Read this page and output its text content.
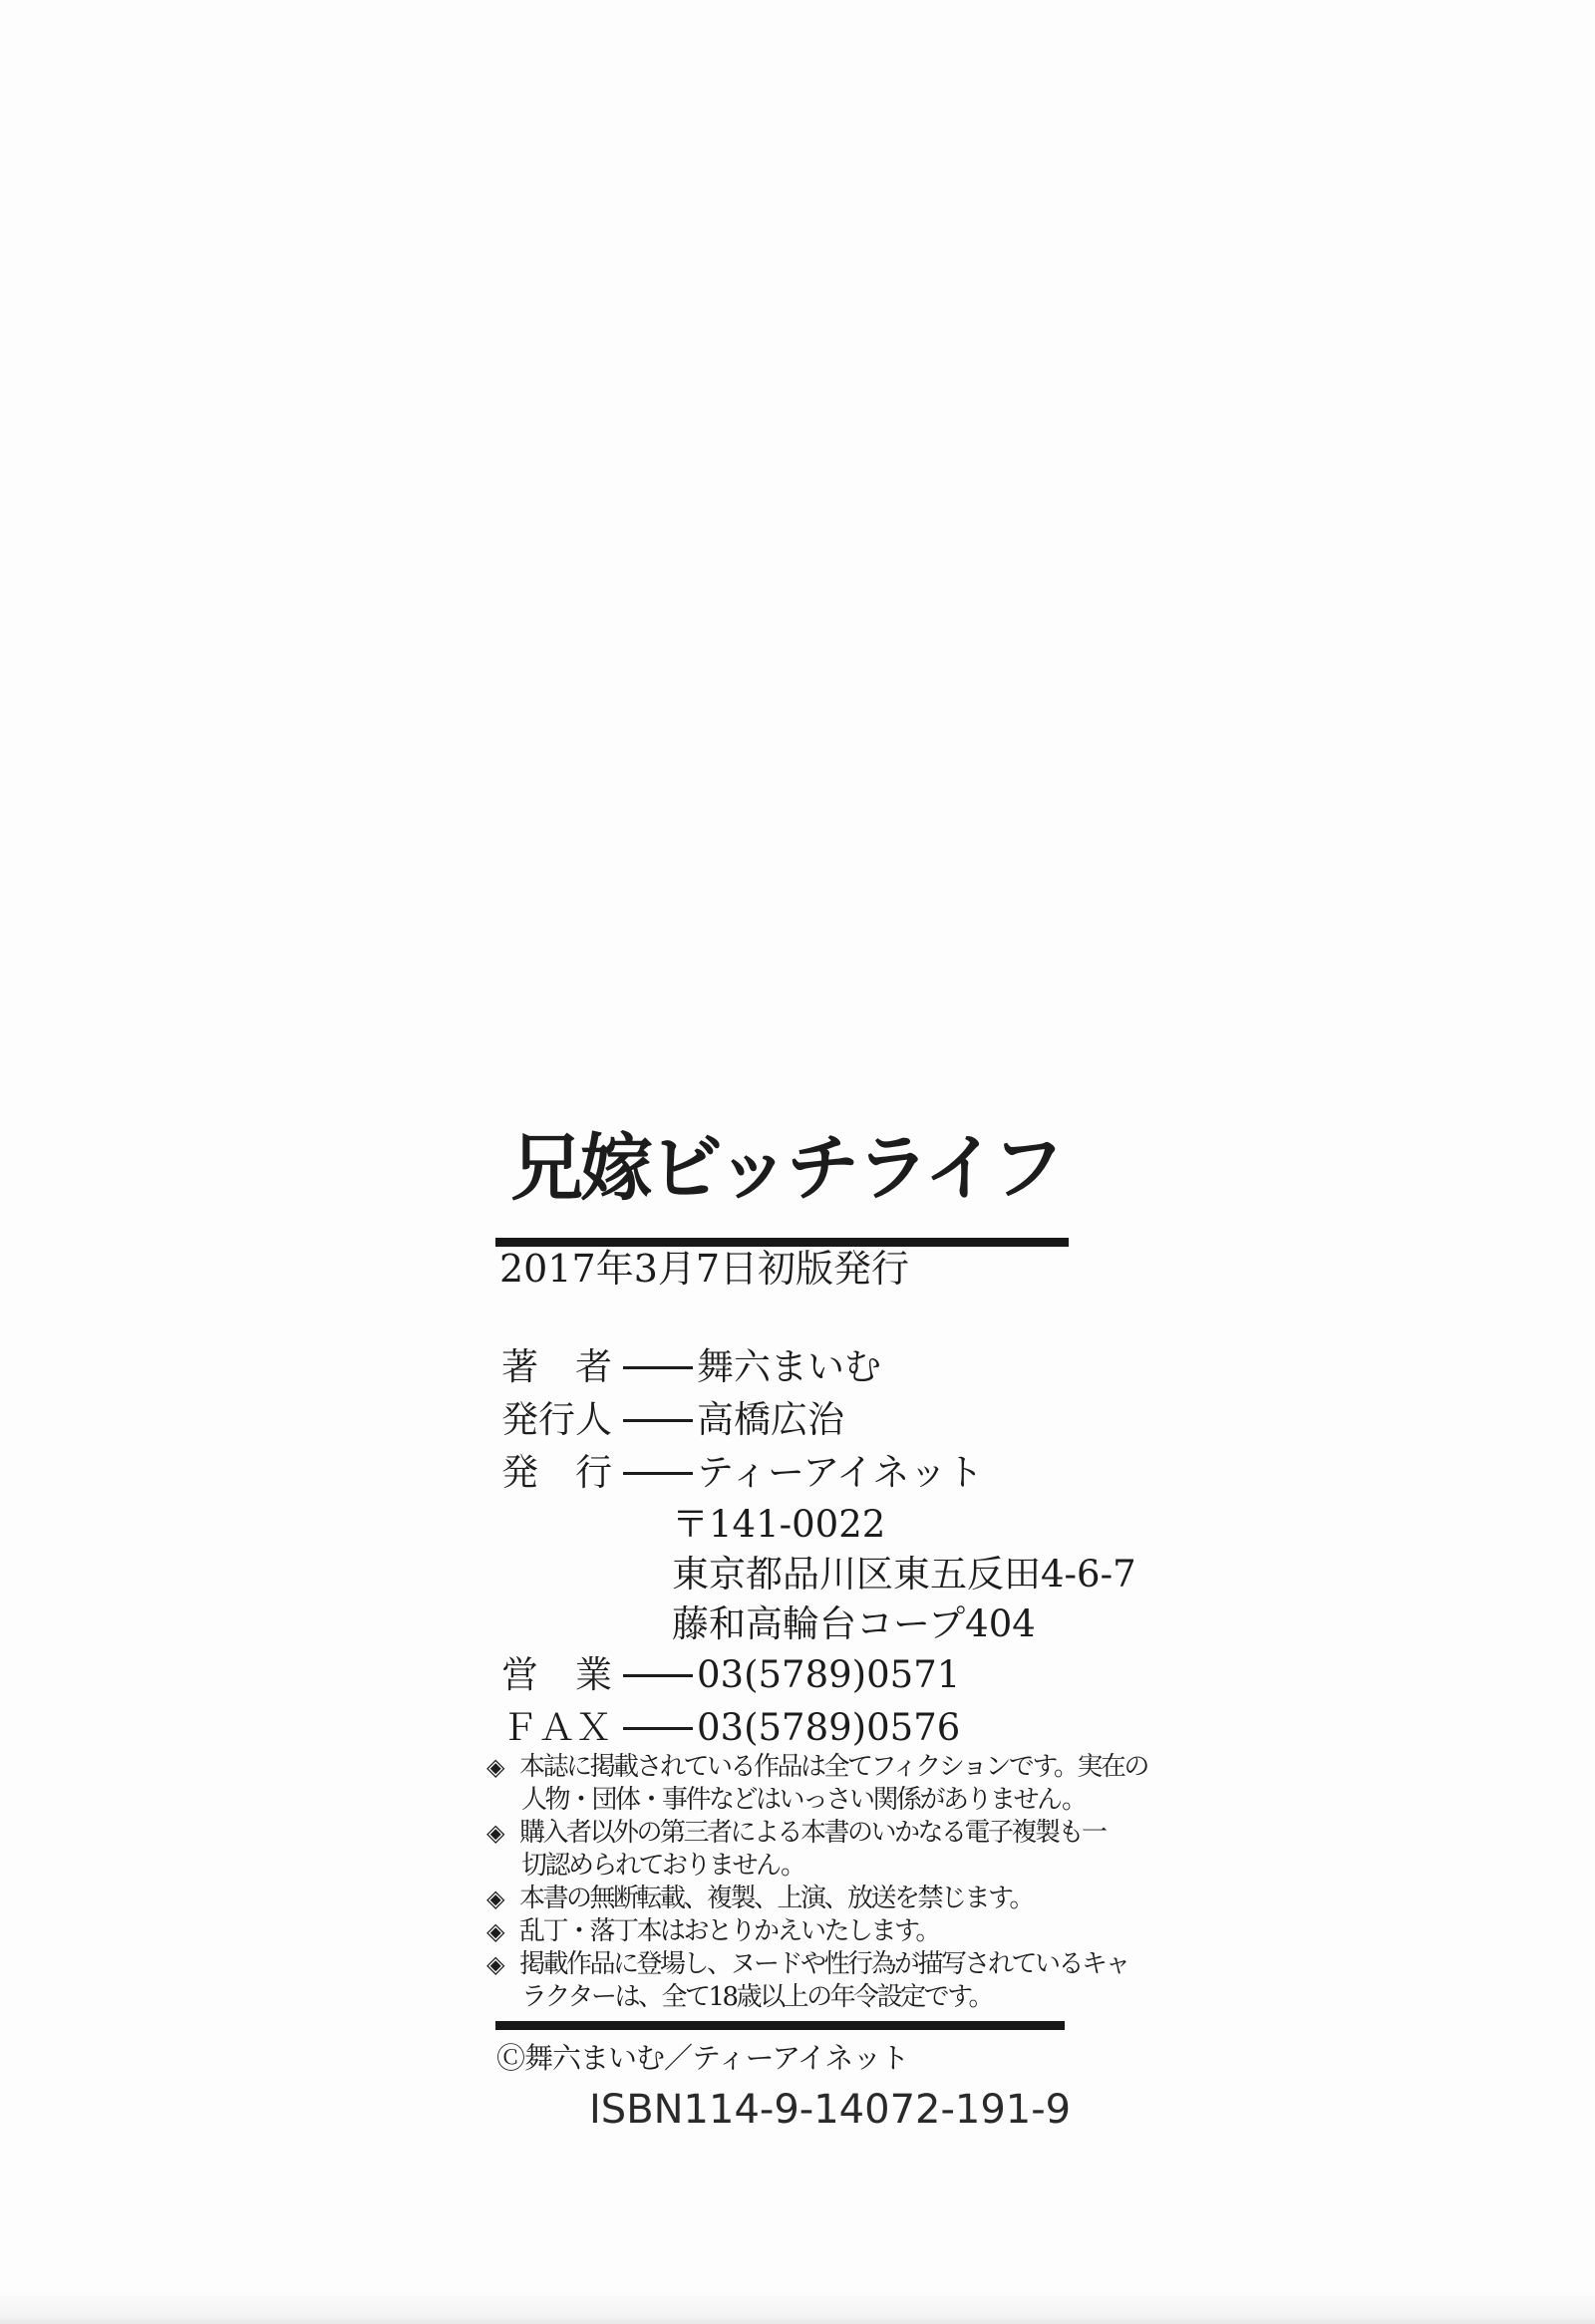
兄嫁ビッチライフ
2017年3月7日初版発行
著　者 舞六まいむ
発行人 高橋広治
発　行 ティーアイネット
〒141-0022
東京都品川区東五反田4-6-7
藤和高輪台コープ404
営　業 03(5789)0571
ＦＡＸ 03(5789)0576
◈ 本誌に掲載されている作品は全てフィクションです。実在の
人物・団体・事件などはいっさい関係がありません。
◈ 購入者以外の第三者による本書のいかなる電子複製も一
切認められておりません。
◈ 本書の無断転載、複製、上演、放送を禁じます。
◈ 乱丁・落丁本はおとりかえいたします。
◈ 掲載作品に登場し、ヌードや性行為が描写されているキャ
ラクターは、全て18歳以上の年令設定です。
Ⓒ舞六まいむ／ティーアイネット
ISBN114-9-14072-191-9
